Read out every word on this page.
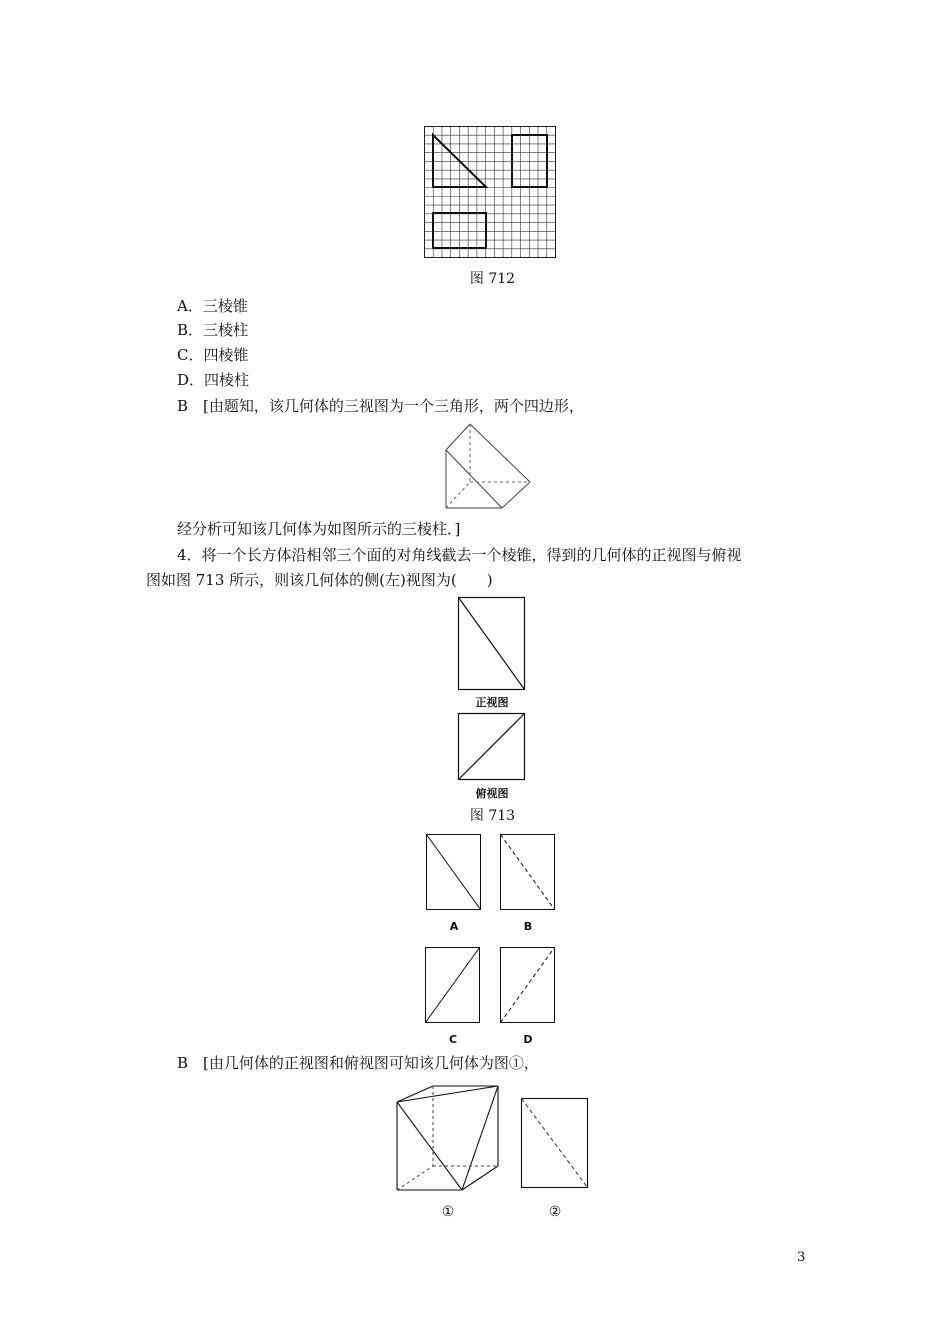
图 712
A．三棱锥
B．三棱柱
C．四棱锥
D．四棱柱
B　[由题知，该几何体的三视图为一个三角形，两个四边形，
经分析可知该几何体为如图所示的三棱柱．]
4．将一个长方体沿相邻三个面的对角线截去一个棱锥，得到的几何体的正视图与俯视
图如图 713 所示，则该几何体的侧(左)视图为(　　)
正视图
俯视图
图 713
A	B
C	D
B　[由几何体的正视图和俯视图可知该几何体为图①，
①	②
3
